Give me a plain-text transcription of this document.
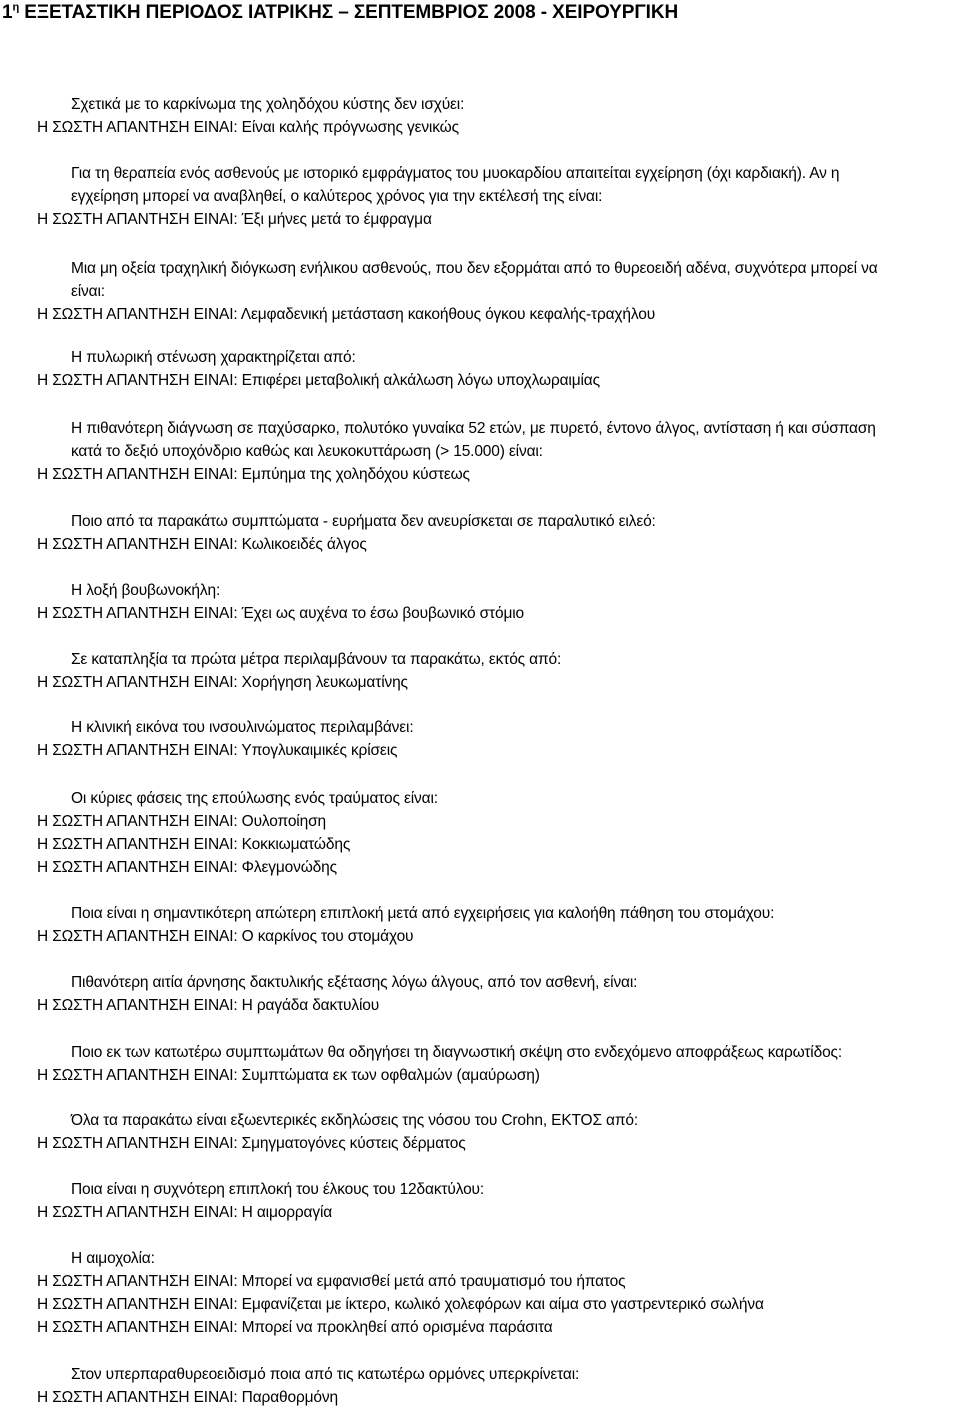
$1^\eta$ ΕΞΕΤΑΣΤΙΚΗ ΠΕΡΙΟΔΟΣ ΙΑΤΡΙΚΗΣ – ΣΕΠΤΕΜΒΡΙΟΣ 2008 - ΧΕΙΡΟΥΡΓΙΚΗ
Σχετικά με το καρκίνωμα της χοληδόχου κύστης δεν ισχύει:
Η ΣΩΣΤΗ ΑΠΑΝΤΗΣΗ ΕΙΝΑΙ: Είναι καλής πρόγνωσης γενικώς
Για τη θεραπεία ενός ασθενούς με ιστορικό εμφράγματος του μυοκαρδίου απαιτείται εγχείρηση (όχι καρδιακή). Αν η
εγχείρηση μπορεί να αναβληθεί, ο καλύτερος χρόνος για την εκτέλεσή της είναι:
Η ΣΩΣΤΗ ΑΠΑΝΤΗΣΗ ΕΙΝΑΙ: Έξι μήνες μετά το έμφραγμα
Μια μη οξεία τραχηλική διόγκωση ενήλικου ασθενούς, που δεν εξορμάται από το θυρεοειδή αδένα, συχνότερα μπορεί να
είναι:
Η ΣΩΣΤΗ ΑΠΑΝΤΗΣΗ ΕΙΝΑΙ: Λεμφαδενική μετάσταση κακοήθους όγκου κεφαλής-τραχήλου
Η πυλωρική στένωση χαρακτηρίζεται από:
Η ΣΩΣΤΗ ΑΠΑΝΤΗΣΗ ΕΙΝΑΙ: Επιφέρει μεταβολική αλκάλωση λόγω υποχλωραιμίας
Η πιθανότερη διάγνωση σε παχύσαρκο, πολυτόκο γυναίκα 52 ετών, με πυρετό, έντονο άλγος, αντίσταση ή και σύσπαση
κατά το δεξιό υποχόνδριο καθώς και λευκοκυττάρωση (> 15.000) είναι:
Η ΣΩΣΤΗ ΑΠΑΝΤΗΣΗ ΕΙΝΑΙ: Εμπύημα της χοληδόχου κύστεως
Ποιο από τα παρακάτω συμπτώματα - ευρήματα δεν ανευρίσκεται σε παραλυτικό ειλεό:
Η ΣΩΣΤΗ ΑΠΑΝΤΗΣΗ ΕΙΝΑΙ: Κωλικοειδές άλγος
Η λοξή βουβωνοκήλη:
Η ΣΩΣΤΗ ΑΠΑΝΤΗΣΗ ΕΙΝΑΙ: Έχει ως αυχένα το έσω βουβωνικό στόμιο
Σε καταπληξία τα πρώτα μέτρα περιλαμβάνουν τα παρακάτω, εκτός από:
Η ΣΩΣΤΗ ΑΠΑΝΤΗΣΗ ΕΙΝΑΙ: Χορήγηση λευκωματίνης
Η κλινική εικόνα του ινσουλινώματος περιλαμβάνει:
Η ΣΩΣΤΗ ΑΠΑΝΤΗΣΗ ΕΙΝΑΙ: Υπογλυκαιμικές κρίσεις
Οι κύριες φάσεις της επούλωσης ενός τραύματος είναι:
Η ΣΩΣΤΗ ΑΠΑΝΤΗΣΗ ΕΙΝΑΙ: Ουλοποίηση
Η ΣΩΣΤΗ ΑΠΑΝΤΗΣΗ ΕΙΝΑΙ: Κοκκιωματώδης
Η ΣΩΣΤΗ ΑΠΑΝΤΗΣΗ ΕΙΝΑΙ: Φλεγμονώδης
Ποια είναι η σημαντικότερη απώτερη επιπλοκή μετά από εγχειρήσεις για καλοήθη πάθηση του στομάχου:
Η ΣΩΣΤΗ ΑΠΑΝΤΗΣΗ ΕΙΝΑΙ: Ο καρκίνος του στομάχου
Πιθανότερη αιτία άρνησης δακτυλικής εξέτασης λόγω άλγους, από τον ασθενή, είναι:
Η ΣΩΣΤΗ ΑΠΑΝΤΗΣΗ ΕΙΝΑΙ: Η ραγάδα δακτυλίου
Ποιο εκ των κατωτέρω συμπτωμάτων θα οδηγήσει τη διαγνωστική σκέψη στο ενδεχόμενο αποφράξεως καρωτίδος:
Η ΣΩΣΤΗ ΑΠΑΝΤΗΣΗ ΕΙΝΑΙ: Συμπτώματα εκ των οφθαλμών (αμαύρωση)
Όλα τα παρακάτω είναι εξωεντερικές εκδηλώσεις της νόσου του Crohn, ΕΚΤΟΣ από:
Η ΣΩΣΤΗ ΑΠΑΝΤΗΣΗ ΕΙΝΑΙ: Σμηγματογόνες κύστεις δέρματος
Ποια είναι η συχνότερη επιπλοκή του έλκους του 12δακτύλου:
Η ΣΩΣΤΗ ΑΠΑΝΤΗΣΗ ΕΙΝΑΙ: Η αιμορραγία
Η αιμοχολία:
Η ΣΩΣΤΗ ΑΠΑΝΤΗΣΗ ΕΙΝΑΙ: Μπορεί να εμφανισθεί μετά από τραυματισμό του ήπατος
Η ΣΩΣΤΗ ΑΠΑΝΤΗΣΗ ΕΙΝΑΙ: Εμφανίζεται με ίκτερο, κωλικό χολεφόρων και αίμα στο γαστρεντερικό σωλήνα
Η ΣΩΣΤΗ ΑΠΑΝΤΗΣΗ ΕΙΝΑΙ: Μπορεί να προκληθεί από ορισμένα παράσιτα
Στον υπερπαραθυρεοειδισμό ποια από τις κατωτέρω ορμόνες υπερκρίνεται:
Η ΣΩΣΤΗ ΑΠΑΝΤΗΣΗ ΕΙΝΑΙ: Παραθορμόνη
